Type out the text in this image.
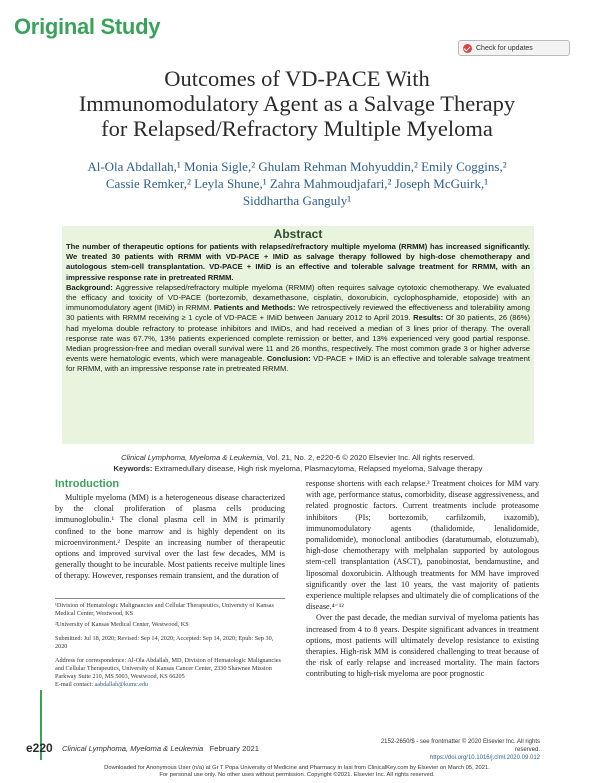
Original Study
Check for updates
Outcomes of VD-PACE With
Immunomodulatory Agent as a Salvage Therapy
for Relapsed/Refractory Multiple Myeloma
Al-Ola Abdallah,¹ Monia Sigle,² Ghulam Rehman Mohyuddin,² Emily Coggins,²
Cassie Remker,² Leyla Shune,¹ Zahra Mahmoudjafari,² Joseph McGuirk,¹
Siddhartha Ganguly¹
Abstract
The number of therapeutic options for patients with relapsed/refractory multiple myeloma (RRMM) has increased significantly. We treated 30 patients with RRMM with VD-PACE + IMiD as salvage therapy followed by high-dose chemotherapy and autologous stem-cell transplantation. VD-PACE + IMiD is an effective and tolerable salvage treatment for RRMM, with an impressive response rate in pretreated RRMM.
Background: Aggressive relapsed/refractory multiple myeloma (RRMM) often requires salvage cytotoxic chemotherapy. We evaluated the efficacy and toxicity of VD-PACE (bortezomib, dexamethasone, cisplatin, doxorubicin, cyclophosphamide, etoposide) with an immunomodulatory agent (IMiD) in RRMM. Patients and Methods: We retrospectively reviewed the effectiveness and tolerability among 30 patients with RRMM receiving ≥ 1 cycle of VD-PACE + IMiD between January 2012 to April 2019. Results: Of 30 patients, 26 (86%) had myeloma double refractory to protease inhibitors and IMiDs, and had received a median of 3 lines prior of therapy. The overall response rate was 67.7%, 13% patients experienced complete remission or better, and 13% experienced very good partial response. Median progression-free and median overall survival were 11 and 26 months, respectively. The most common grade 3 or higher adverse events were hematologic events, which were manageable. Conclusion: VD-PACE + IMiD is an effective and tolerable salvage treatment for RRMM, with an impressive response rate in pretreated RRMM.
Clinical Lymphoma, Myeloma & Leukemia, Vol. 21, No. 2, e220-6 © 2020 Elsevier Inc. All rights reserved.
Keywords: Extramedullary disease, High risk myeloma, Plasmacytoma, Relapsed myeloma, Salvage therapy
Introduction
Multiple myeloma (MM) is a heterogeneous disease characterized by the clonal proliferation of plasma cells producing immunoglobulin.¹ The clonal plasma cell in MM is primarily confined to the bone marrow and is highly dependent on its microenvironment.² Despite an increasing number of therapeutic options and improved survival over the last few decades, MM is generally thought to be incurable. Most patients receive multiple lines of therapy. However, responses remain transient, and the duration of

¹Division of Hematologic Malignancies and Cellular Therapeutics, University of Kansas Medical Center, Westwood, KS

²University of Kansas Medical Center, Westwood, KS

Submitted: Jul 18, 2020; Revised: Sep 14, 2020; Accepted: Sep 14, 2020; Epub: Sep 30, 2020

Address for correspondence: Al-Ola Abdallah, MD, Division of Hematologic Malignancies and Cellular Therapeutics, University of Kansas Cancer Center, 2330 Shawnee Mission Parkway Suite 210, MS 5003, Westwood, KS 66205

E-mail contact: aabdallah@kumc.edu

response shortens with each relapse.³ Treatment choices for MM vary with age, performance status, comorbidity, disease aggressiveness, and related prognostic factors. Current treatments include proteasome inhibitors (PIs; bortezomib, carfilzomib, ixazomib), immunomodulatory agents (thalidomide, lenalidomide, pomalidomide), monoclonal antibodies (daratumumab, elotuzumab), high-dose chemotherapy with melphalan supported by autologous stem-cell transplantation (ASCT), panobinostat, bendamustine, and liposomal doxorubicin. Although treatments for MM have improved significantly over the last 10 years, the vast majority of patients experience multiple relapses and ultimately die of complications of the disease.⁴⁻¹²
Over the past decade, the median survival of myeloma patients has increased from 4 to 8 years. Despite significant advances in treatment options, most patients will ultimately develop resistance to existing therapies. High-risk MM is considered challenging to treat because of the risk of early relapse and increased mortality. The main factors contributing to high-risk myeloma are poor prognostic
e220 Clinical Lymphoma, Myeloma & Leukemia February 2021
2152-2650/$ - see frontmatter © 2020 Elsevier Inc. All rights reserved.
https://doi.org/10.1016/j.clml.2020.09.012
Downloaded for Anonymous User (n/a) at Gr T Popa University of Medicine and Pharmacy in Iasi from ClinicalKey.com by Elsevier on March 05, 2021.
For personal use only. No other uses without permission. Copyright ©2021. Elsevier Inc. All rights reserved.
